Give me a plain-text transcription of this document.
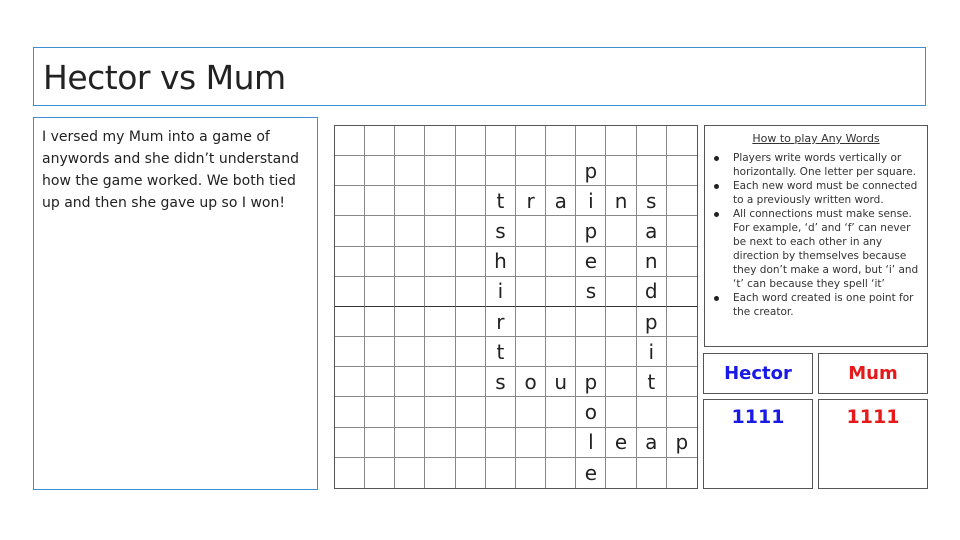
Hector vs Mum

I versed my Mum into a game of anywords and she didn’t understand how the game worked. We both tied up and then she gave up so I won!

p
t	r a	i	n s
s	p	a
h	e	n
i	s	d
r	p
t	i
s o u p	t
o
l	e a p
e
How to play Any Words
Players write words vertically or horizontally. One letter per square.
Each new word must be connected to a previously written word.
All connections must make sense. For example, ‘d’ and ‘f’ can never be next to each other in any direction by themselves because they don’t make a word, but ‘i’ and ‘t’ can because they spell ‘it’
Each word created is one point for the creator.
Hector	Mum
1111	1111
